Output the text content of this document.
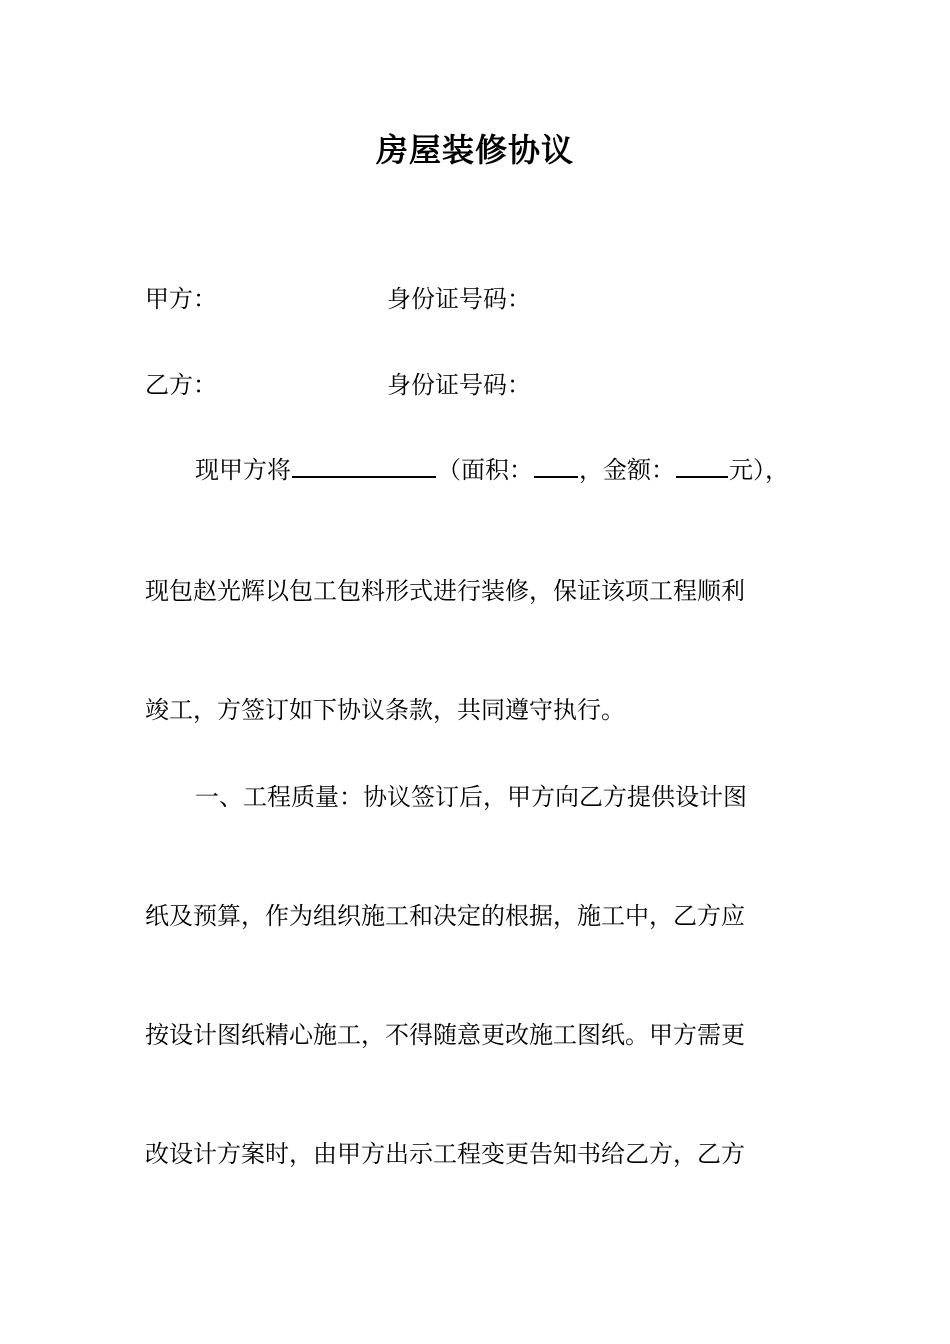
房屋装修协议
甲方：	身份证号码：
乙方：	身份证号码：
现甲方将	（面积： ，金额： 元），
现包赵光辉以包工包料形式进行装修，保证该项工程顺利
竣工，方签订如下协议条款，共同遵守执行。
一、工程质量：协议签订后，甲方向乙方提供设计图
纸及预算，作为组织施工和决定的根据，施工中，乙方应
按设计图纸精心施工，不得随意更改施工图纸。甲方需更
改设计方案时，由甲方出示工程变更告知书给乙方，乙方
